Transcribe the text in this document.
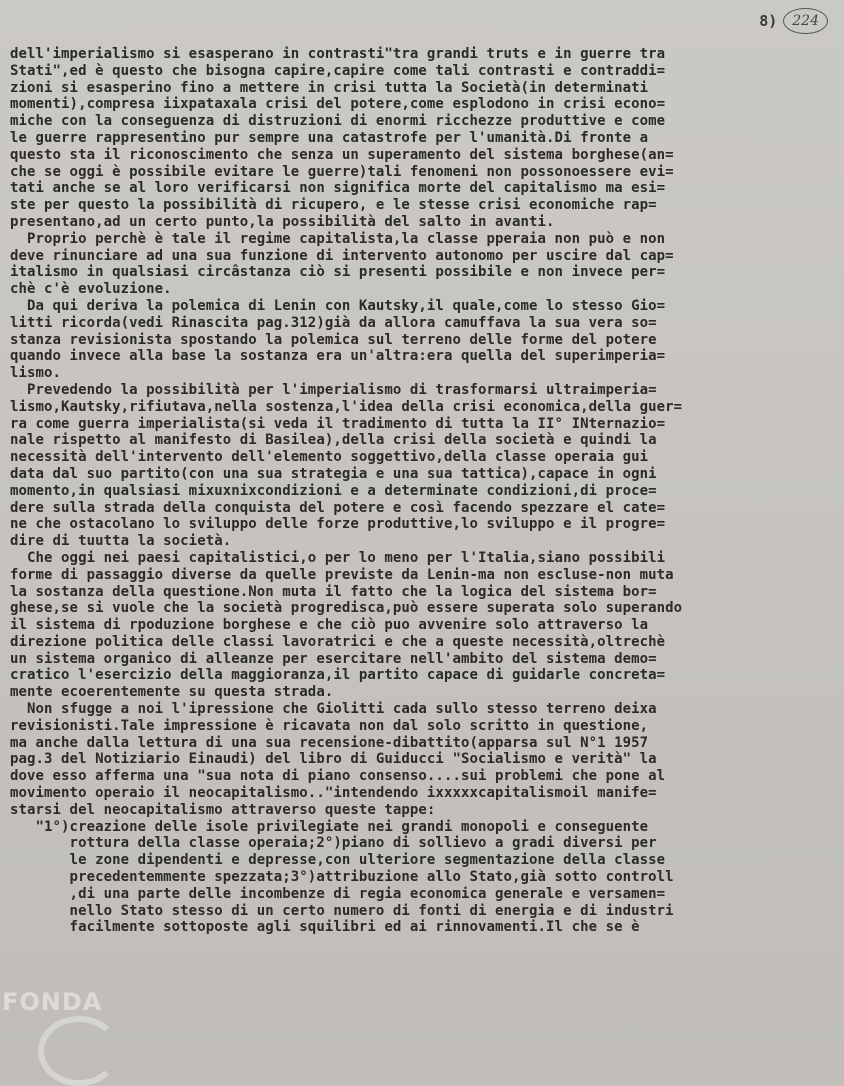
8)	224
dell'imperialismo si esasperano in contrasti"tra grandi truts e in guerre tra
Stati",ed è questo che bisogna capire,capire come tali contrasti e contraddi=
zioni si esasperino fino a mettere in crisi tutta la Società(in determinati
momenti),compresa iixpataxala crisi del potere,come esplodono in crisi econo=
miche con la conseguenza di distruzioni di enormi ricchezze produttive e come
le guerre rappresentino pur sempre una catastrofe per l'umanità.Di fronte a
questo sta il riconoscimento che senza un superamento del sistema borghese(an=
che se oggi è possibile evitare le guerre)tali fenomeni non possonoessere evi=
tati anche se al loro verificarsi non significa morte del capitalismo ma esi=
ste per questo la possibilità di ricupero, e le stesse crisi economiche rap=
presentano,ad un certo punto,la possibilità del salto in avanti.
Proprio perchè è tale il regime capitalista,la classe pperaia non può e non
deve rinunciare ad una sua funzione di intervento autonomo per uscire dal cap=
italismo in qualsiasi circâstanza ciò si presenti possibile e non invece per=
chè c'è evoluzione.
Da qui deriva la polemica di Lenin con Kautsky,il quale,come lo stesso Gio=
litti ricorda(vedi Rinascita pag.312)già da allora camuffava la sua vera so=
stanza revisionista spostando la polemica sul terreno delle forme del potere
quando invece alla base la sostanza era un'altra:era quella del superimperia=
lismo.
Prevedendo la possibilità per l'imperialismo di trasformarsi ultraimperia=
lismo,Kautsky,rifiutava,nella sostenza,l'idea della crisi economica,della guer=
ra come guerra imperialista(si veda il tradimento di tutta la II° INternazio=
nale rispetto al manifesto di Basilea),della crisi della società e quindi la
necessità dell'intervento dell'elemento soggettivo,della classe operaia gui
data dal suo partito(con una sua strategia e una sua tattica),capace in ogni
momento,in qualsiasi mixuxnixcondizioni e a determinate condizioni,di proce=
dere sulla strada della conquista del potere e così facendo spezzare el cate=
ne che ostacolano lo sviluppo delle forze produttive,lo sviluppo e il progre=
dire di tuutta la società.
Che oggi nei paesi capitalistici,o per lo meno per l'Italia,siano possibili
forme di passaggio diverse da quelle previste da Lenin-ma non escluse-non muta
la sostanza della questione.Non muta il fatto che la logica del sistema bor=
ghese,se si vuole che la società progredisca,può essere superata solo superando
il sistema di rpoduzione borghese e che ciò puo avvenire solo attraverso la
direzione politica delle classi lavoratrici e che a queste necessità,oltrechè
un sistema organico di alleanze per esercitare nell'ambito del sistema demo=
cratico l'esercizio della maggioranza,il partito capace di guidarle concreta=
mente ecoerentemente su questa strada.
Non sfugge a noi l'ipressione che Giolitti cada sullo stesso terreno deixa
revisionisti.Tale impressione è ricavata non dal solo scritto in questione,
ma anche dalla lettura di una sua recensione-dibattito(apparsa sul N°1 1957
pag.3 del Notiziario Einaudi) del libro di Guiducci "Socialismo e verità" la
dove esso afferma una "sua nota di piano consenso....sui problemi che pone al
movimento operaio il neocapitalismo.."intendendo ixxxxxcapitalismoil manife=
starsi del neocapitalismo attraverso queste tappe:
"1°)creazione delle isole privilegiate nei grandi monopoli e conseguente
rottura della classe operaia;2°)piano di sollievo a gradi diversi per
le zone dipendenti e depresse,con ulteriore segmentazione della classe
precedentemmente spezzata;3°)attribuzione allo Stato,già sotto controll
,di una parte delle incombenze di regia economica generale e versamen=
nello Stato stesso di un certo numero di fonti di energia e di industri
facilmente sottoposte agli squilibri ed ai rinnovamenti.Il che se è
FONDA
